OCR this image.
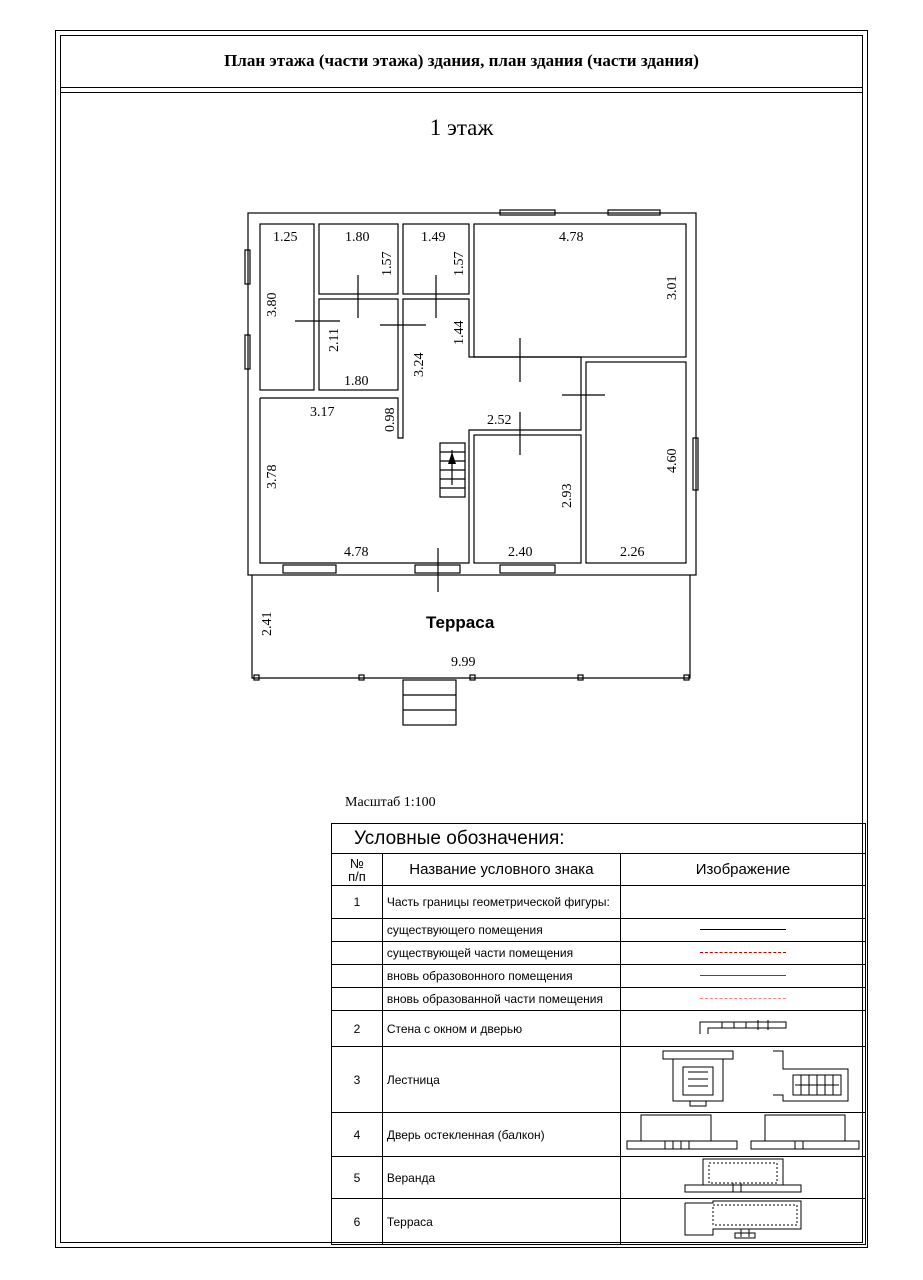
План этажа (части этажа) здания, план здания (части здания)
1 этаж
1.25	1.80	1.49	4.78
3.80
1.57	1.57
3.01
2.11
1.80
1.44
3.24
3.17	0.98	2.52
3.78
4.60
2.93
4.78	2.40	2.26
2.41
9.99
Терраса
Масштаб 1:100
Условные обозначения:		
№
п/п	Название условного знака	Изображение
1	Часть границы геометрической фигуры:	
	существующего помещения	
	существующей части помещения	
	вновь образовонного помещения	
	вновь образованной части помещения	
2	Стена с окном и дверью	
3	Лестница	
4	Дверь остекленная (балкон)	
5	Веранда	
6	Терраса	
